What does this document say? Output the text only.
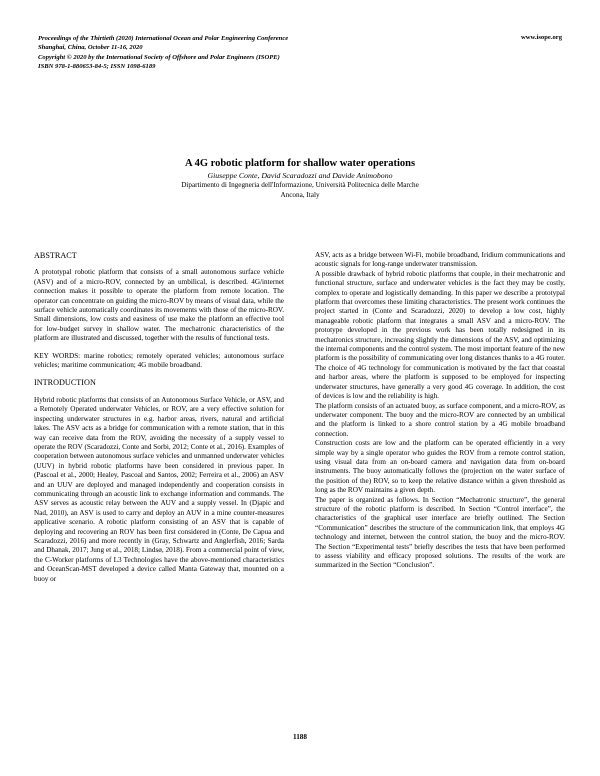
Proceedings of the Thirtieth (2020) International Ocean and Polar Engineering Conference
Shanghai, China, October 11-16, 2020
Copyright © 2020 by the International Society of Offshore and Polar Engineers (ISOPE)
ISBN 978-1-880653-84-5; ISSN 1098-6189
www.isope.org
A 4G robotic platform for shallow water operations
Giuseppe Conte, David Scaradozzi and Davide Animobono
Dipartimento di Ingegneria dell'Informazione, Università Politecnica delle Marche
Ancona, Italy
ABSTRACT

A prototypal robotic platform that consists of a small autonomous surface vehicle (ASV) and of a micro-ROV, connected by an umbilical, is described. 4G/internet connection makes it possible to operate the platform from remote location. The operator can concentrate on guiding the micro-ROV by means of visual data, while the surface vehicle automatically coordinates its movements with those of the micro-ROV. Small dimensions, low costs and easiness of use make the platform an effective tool for low-budget survey in shallow water. The mechatronic characteristics of the platform are illustrated and discussed, together with the results of functional tests.

KEY WORDS: marine robotics; remotely operated vehicles; autonomous surface vehicles; maritime communication; 4G mobile broadband.

INTRODUCTION

Hybrid robotic platforms that consists of an Autonomous Surface Vehicle, or ASV, and a Remotely Operated underwater Vehicles, or ROV, are a very effective solution for inspecting underwater structures in e.g. harbor areas, rivers, natural and artificial lakes. The ASV acts as a bridge for communication with a remote station, that in this way can receive data from the ROV, avoiding the necessity of a supply vessel to operate the ROV (Scaradozzi, Conte and Sorbi, 2012; Conte et al., 2016). Examples of cooperation between autonomous surface vehicles and unmanned underwater vehicles (UUV) in hybrid robotic platforms have been considered in previous paper. In (Pascoal et al., 2000; Healey, Pascoal and Santos, 2002; Ferreira et al., 2006) an ASV and an UUV are deployed and managed independently and cooperation consists in communicating through an acoustic link to exchange information and commands. The ASV serves as acoustic relay between the AUV and a supply vessel. In (Djapic and Nad, 2010), an ASV is used to carry and deploy an AUV in a mine counter-measures applicative scenario. A robotic platform consisting of an ASV that is capable of deploying and recovering an ROV has been first considered in (Conte, De Capua and Scaradozzi, 2016) and more recently in (Gray, Schwartz and Anglerfish, 2016; Sarda and Dhanak, 2017; Jung et al., 2018; Lindsø, 2018). From a commercial point of view, the C-Worker platforms of L3 Technologies have the above-mentioned characteristics and OceanScan-MST developed a device called Manta Gateway that, mounted on a buoy or

ASV, acts as a bridge between Wi-Fi, mobile broadband, Iridium communications and acoustic signals for long-range underwater transmission.

A possible drawback of hybrid robotic platforms that couple, in their mechatronic and functional structure, surface and underwater vehicles is the fact they may be costly, complex to operate and logistically demanding. In this paper we describe a prototypal platform that overcomes these limiting characteristics. The present work continues the project started in (Conte and Scaradozzi, 2020) to develop a low cost, highly manageable robotic platform that integrates a small ASV and a micro-ROV. The prototype developed in the previous work has been totally redesigned in its mechatronics structure, increasing slightly the dimensions of the ASV, and optimizing the internal components and the control system. The most important feature of the new platform is the possibility of communicating over long distances thanks to a 4G router. The choice of 4G technology for communication is motivated by the fact that coastal and harbor areas, where the platform is supposed to be employed for inspecting underwater structures, have generally a very good 4G coverage. In addition, the cost of devices is low and the reliability is high.

The platform consists of an actuated buoy, as surface component, and a micro-ROV, as underwater component. The buoy and the micro-ROV are connected by an umbilical and the platform is linked to a shore control station by a 4G mobile broadband connection.

Construction costs are low and the platform can be operated efficiently in a very simple way by a single operator who guides the ROV from a remote control station, using visual data from an on-board camera and navigation data from on-board instruments. The buoy automatically follows the (projection on the water surface of the position of the) ROV, so to keep the relative distance within a given threshold as long as the ROV maintains a given depth.

The paper is organized as follows. In Section “Mechatronic structure”, the general structure of the robotic platform is described. In Section “Control interface”, the characteristics of the graphical user interface are briefly outlined. The Section “Communication” describes the structure of the communication link, that employs 4G technology and internet, between the control station, the buoy and the micro-ROV. The Section “Experimental tests” briefly describes the tests that have been performed to assess viability and efficacy proposed solutions. The results of the work are summarized in the Section “Conclusion”.

1188
